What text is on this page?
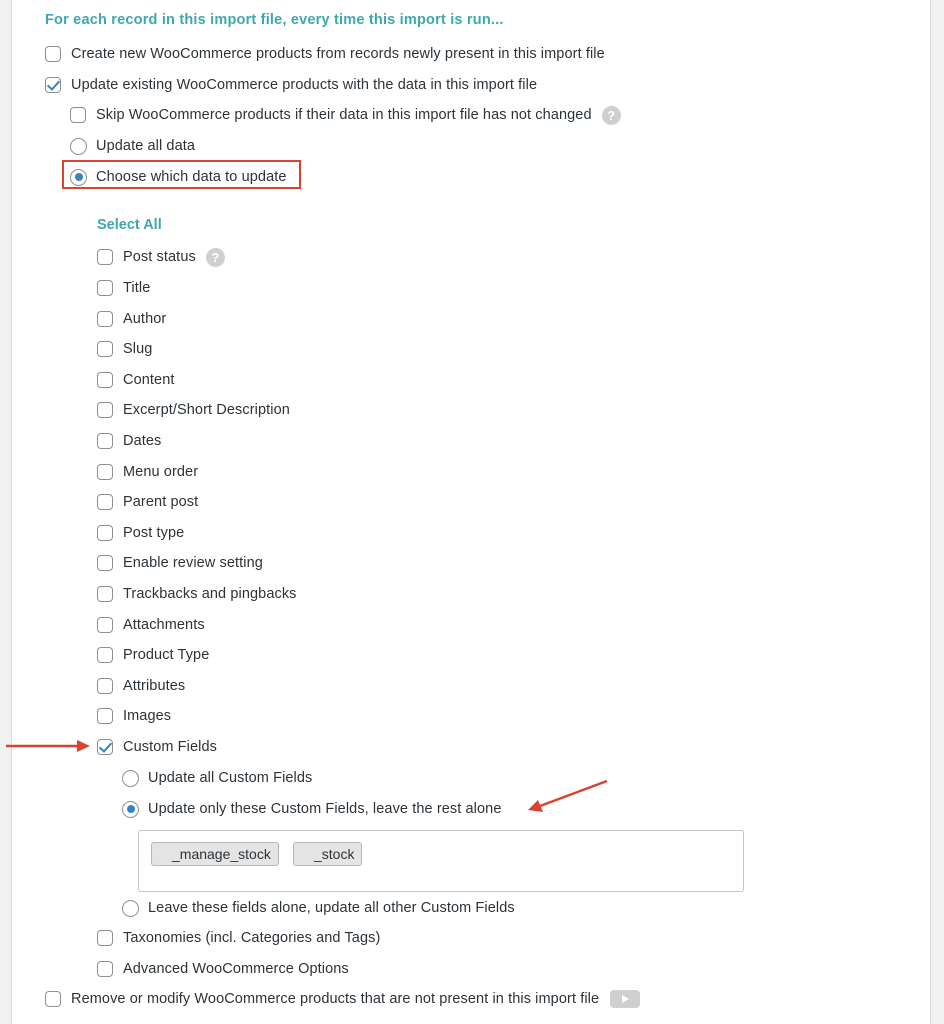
For each record in this import file, every time this import is run...
Create new WooCommerce products from records newly present in this import file
Update existing WooCommerce products with the data in this import file
Skip WooCommerce products if their data in this import file has not changed	?
Update all data
Choose which data to update
Select All
Post status	?
Title
Author
Slug
Content
Excerpt/Short Description
Dates
Menu order
Parent post
Post type
Enable review setting
Trackbacks and pingbacks
Attachments
Product Type
Attributes
Images
Custom Fields
Update all Custom Fields
Update only these Custom Fields, leave the rest alone
_manage_stock	_stock
Leave these fields alone, update all other Custom Fields
Taxonomies (incl. Categories and Tags)
Advanced WooCommerce Options
Remove or modify WooCommerce products that are not present in this import file
